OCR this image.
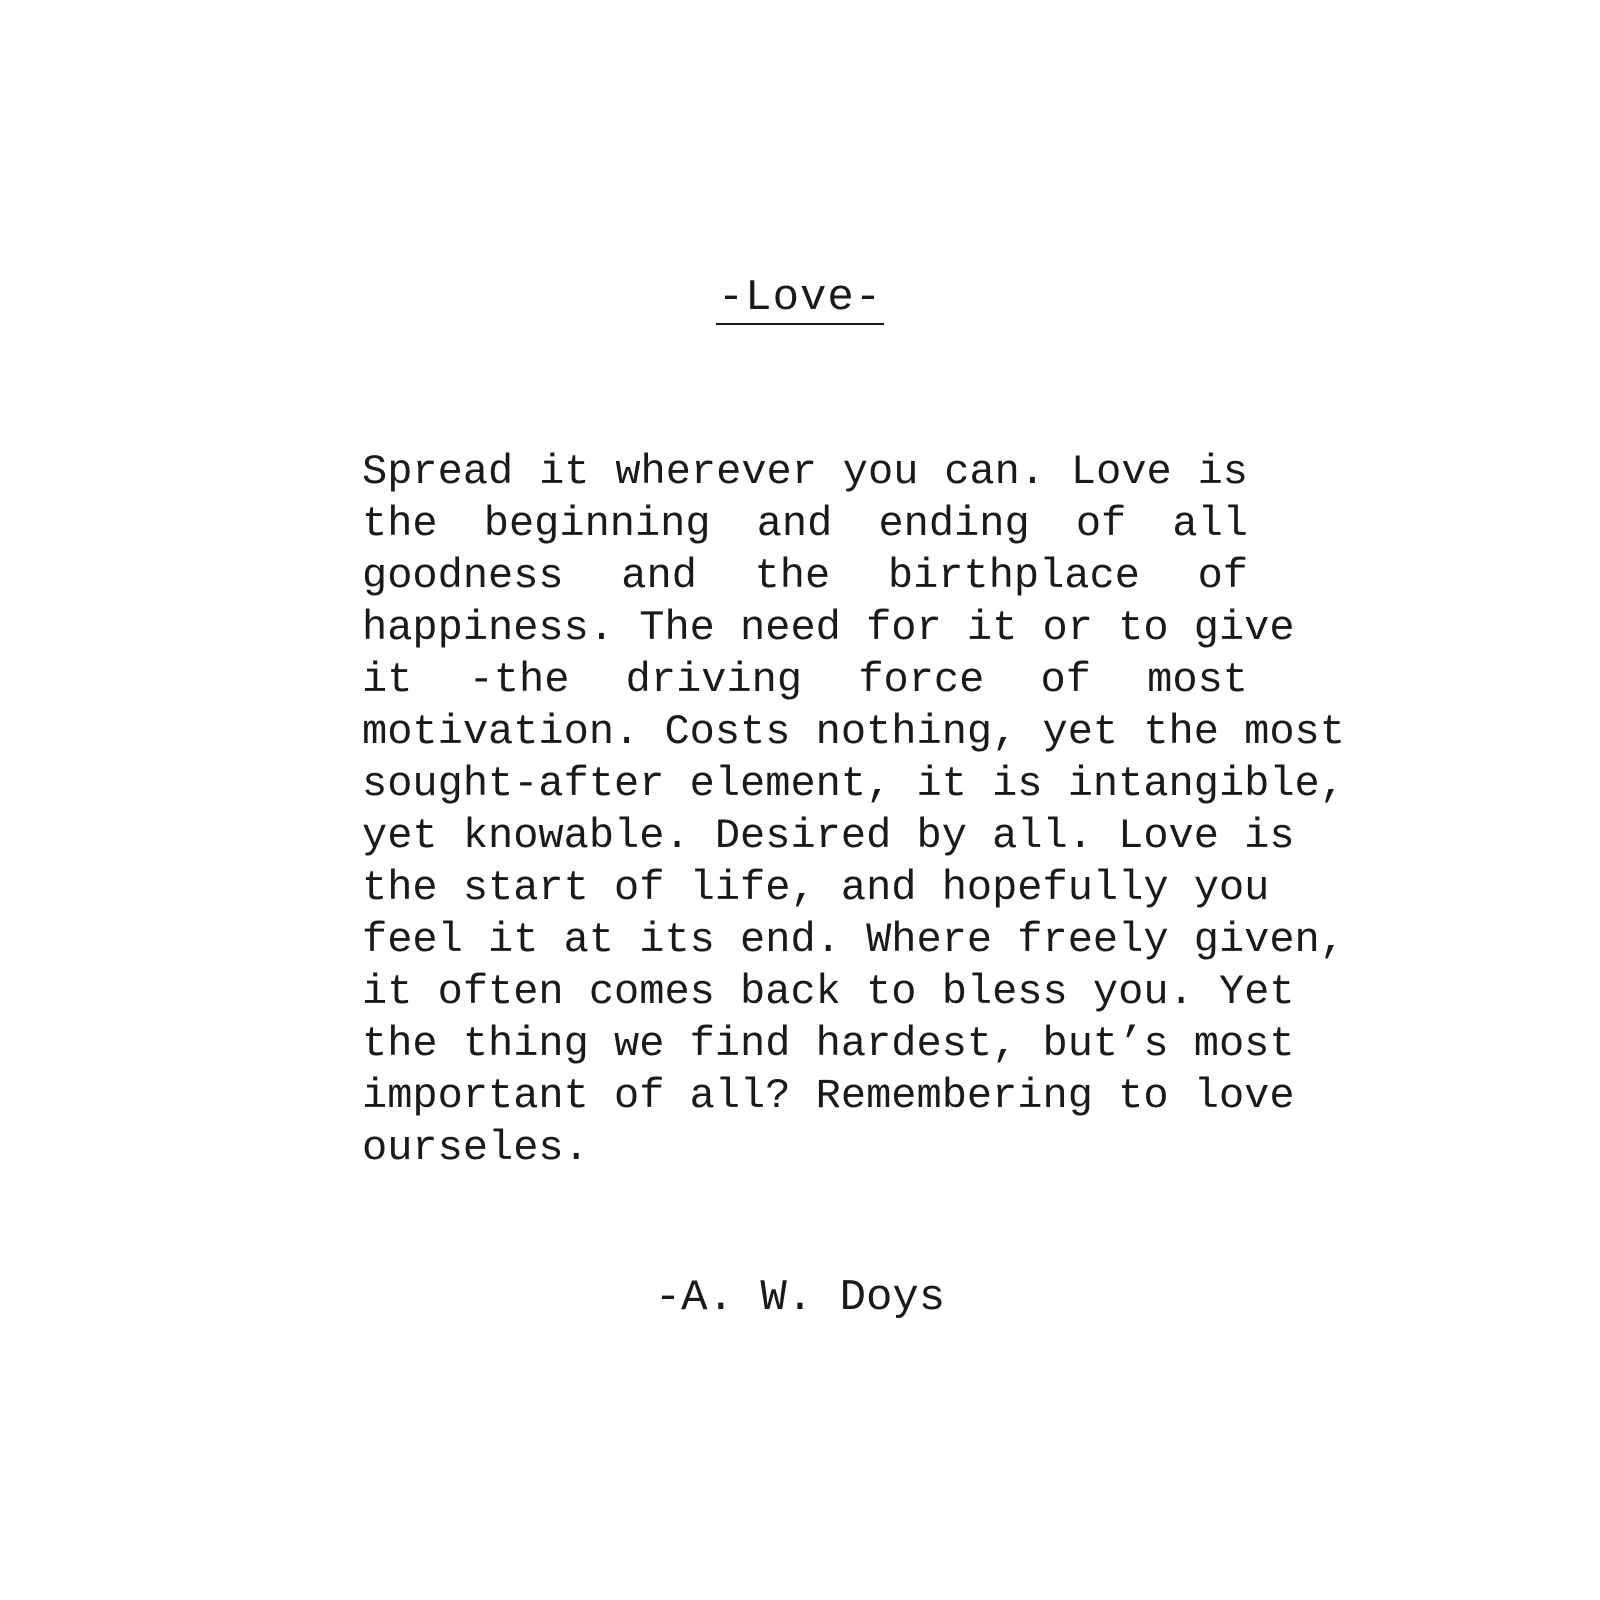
-Love-
Spread it wherever you can. Love is
the beginning and ending of all
goodness and the birthplace of
happiness. The need for it or to give
it -the driving force of most
motivation. Costs nothing, yet the most
sought-after element, it is intangible,
yet knowable. Desired by all. Love is
the start of life, and hopefully you
feel it at its end. Where freely given,
it often comes back to bless you. Yet
the thing we find hardest, but’s most
important of all? Remembering to love
ourseles.
-A. W. Doys
